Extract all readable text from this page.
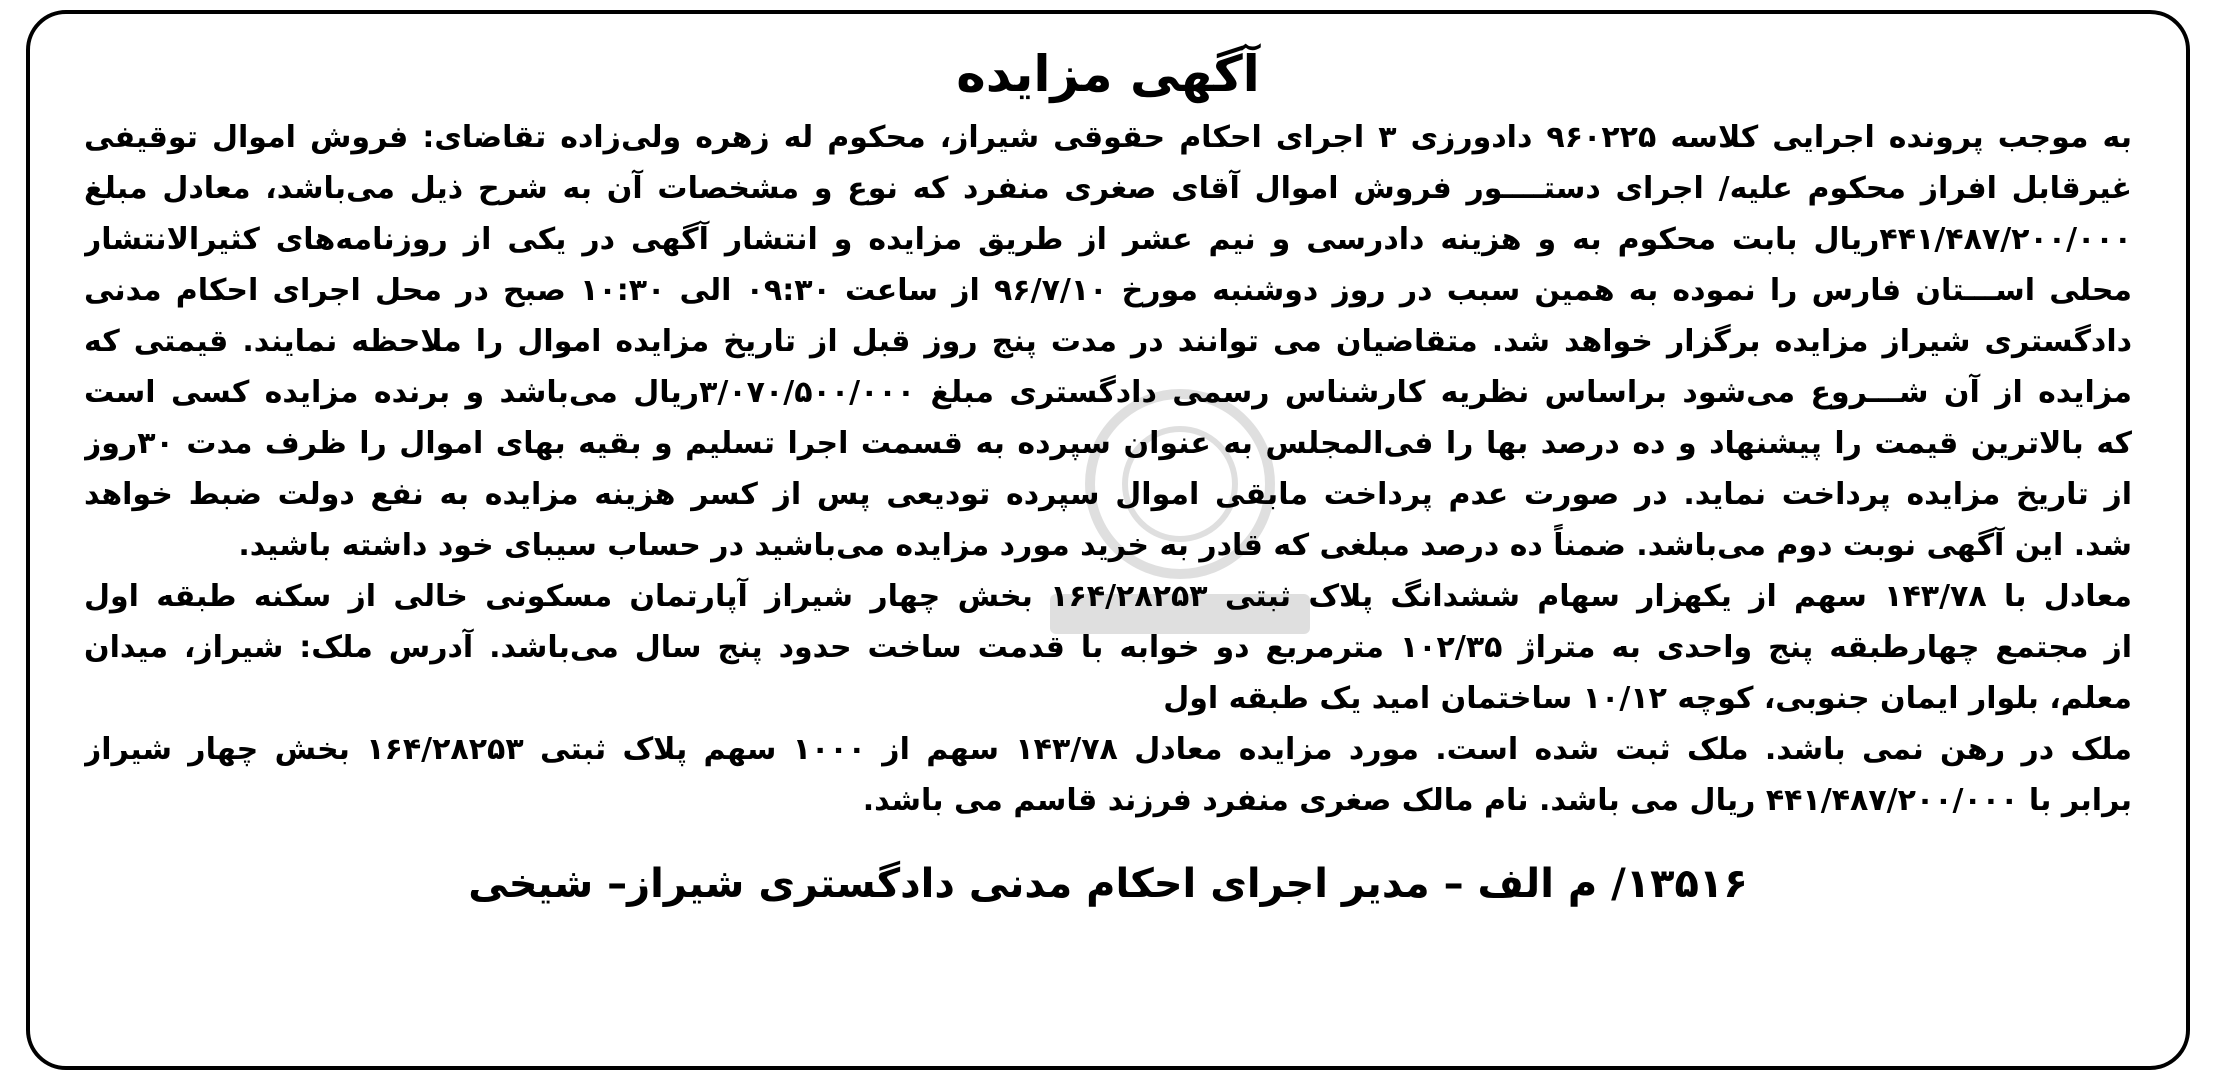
آگهی مزایده
به موجب پرونده اجرایی کلاسه ۹۶۰۲۲۵ دادورزی ۳ اجرای احکام حقوقی شیراز، محکوم له زهره ولی‌زاده تقاضای: فروش اموال توقیفی
غیرقابل افراز محکوم علیه/ اجرای دستــــور فروش اموال آقای صغری منفرد که نوع و مشخصات آن به شرح ذیل می‌باشد، معادل مبلغ
۴۴۱/۴۸۷/۲۰۰/۰۰۰ریال بابت محکوم به و هزینه دادرسی و نیم عشر از طریق مزایده و انتشار آگهی در یکی از روزنامه‌های کثیرالانتشار
محلی اســـتان فارس را نموده به همین سبب در روز دوشنبه مورخ ۹۶/۷/۱۰ از ساعت ۰۹:۳۰ الی ۱۰:۳۰ صبح در محل اجرای احکام مدنی
دادگستری شیراز مزایده برگزار خواهد شد. متقاضیان می توانند در مدت پنج روز قبل از تاریخ مزایده اموال را ملاحظه نمایند. قیمتی که
مزایده از آن شـــروع می‌شود براساس نظریه کارشناس رسمی دادگستری مبلغ ۳/۰۷۰/۵۰۰/۰۰۰ریال می‌باشد و برنده مزایده کسی است
که بالاترین قیمت را پیشنهاد و ده درصد بها را فی‌المجلس به عنوان سپرده به قسمت اجرا تسلیم و بقیه بهای اموال را ظرف مدت ۳۰روز
از تاریخ مزایده پرداخت نماید. در صورت عدم پرداخت مابقی اموال سپرده تودیعی پس از کسر هزینه مزایده به نفع دولت ضبط خواهد
شد. این آگهی نوبت دوم می‌باشد. ضمناً ده درصد مبلغی که قادر به خرید مورد مزایده می‌باشید در حساب سیبای خود داشته باشید.
معادل با ۱۴۳/۷۸ سهم از یکهزار سهام ششدانگ پلاک ثبتی ۱۶۴/۲۸۲۵۳ بخش چهار شیراز آپارتمان مسکونی خالی از سکنه طبقه اول
از مجتمع چهارطبقه پنج واحدی به متراژ ۱۰۲/۳۵ مترمربع دو خوابه با قدمت ساخت حدود پنج سال می‌باشد. آدرس ملک: شیراز، میدان
معلم، بلوار ایمان جنوبی، کوچه ۱۰/۱۲ ساختمان امید یک طبقه اول
ملک در رهن نمی باشد. ملک ثبت شده است. مورد مزایده معادل ۱۴۳/۷۸ سهم از ۱۰۰۰ سهم پلاک ثبتی ۱۶۴/۲۸۲۵۳ بخش چهار شیراز
برابر با ۴۴۱/۴۸۷/۲۰۰/۰۰۰ ریال می باشد. نام مالک صغری منفرد فرزند قاسم می باشد.
۱۳۵۱۶/ م الف – مدیر اجرای احکام مدنی دادگستری شیراز– شیخی
